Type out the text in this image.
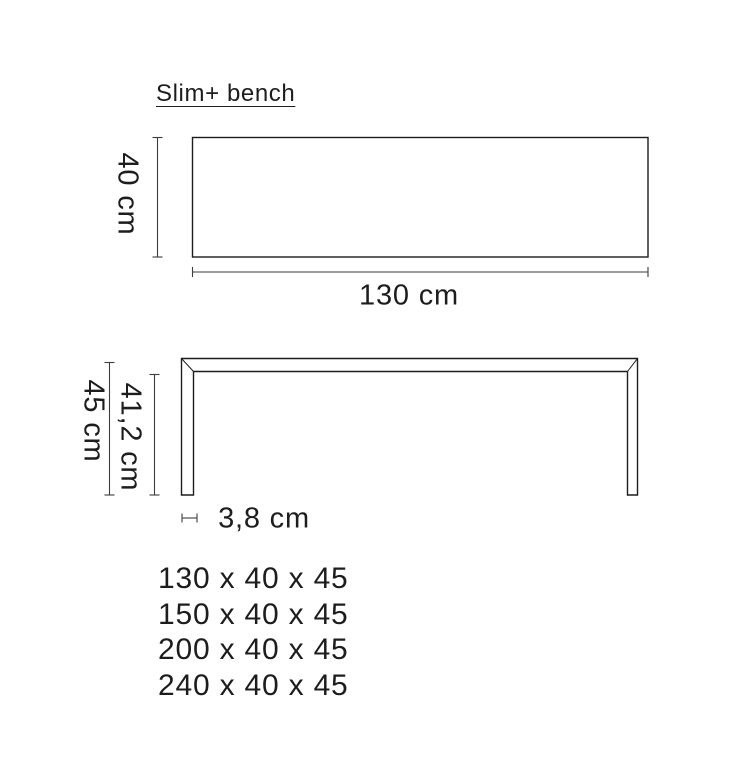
Slim+ bench
40 cm
130 cm
45 cm 41,2 cm
3,8 cm
130 x 40 x 45
150 x 40 x 45
200 x 40 x 45
240 x 40 x 45
